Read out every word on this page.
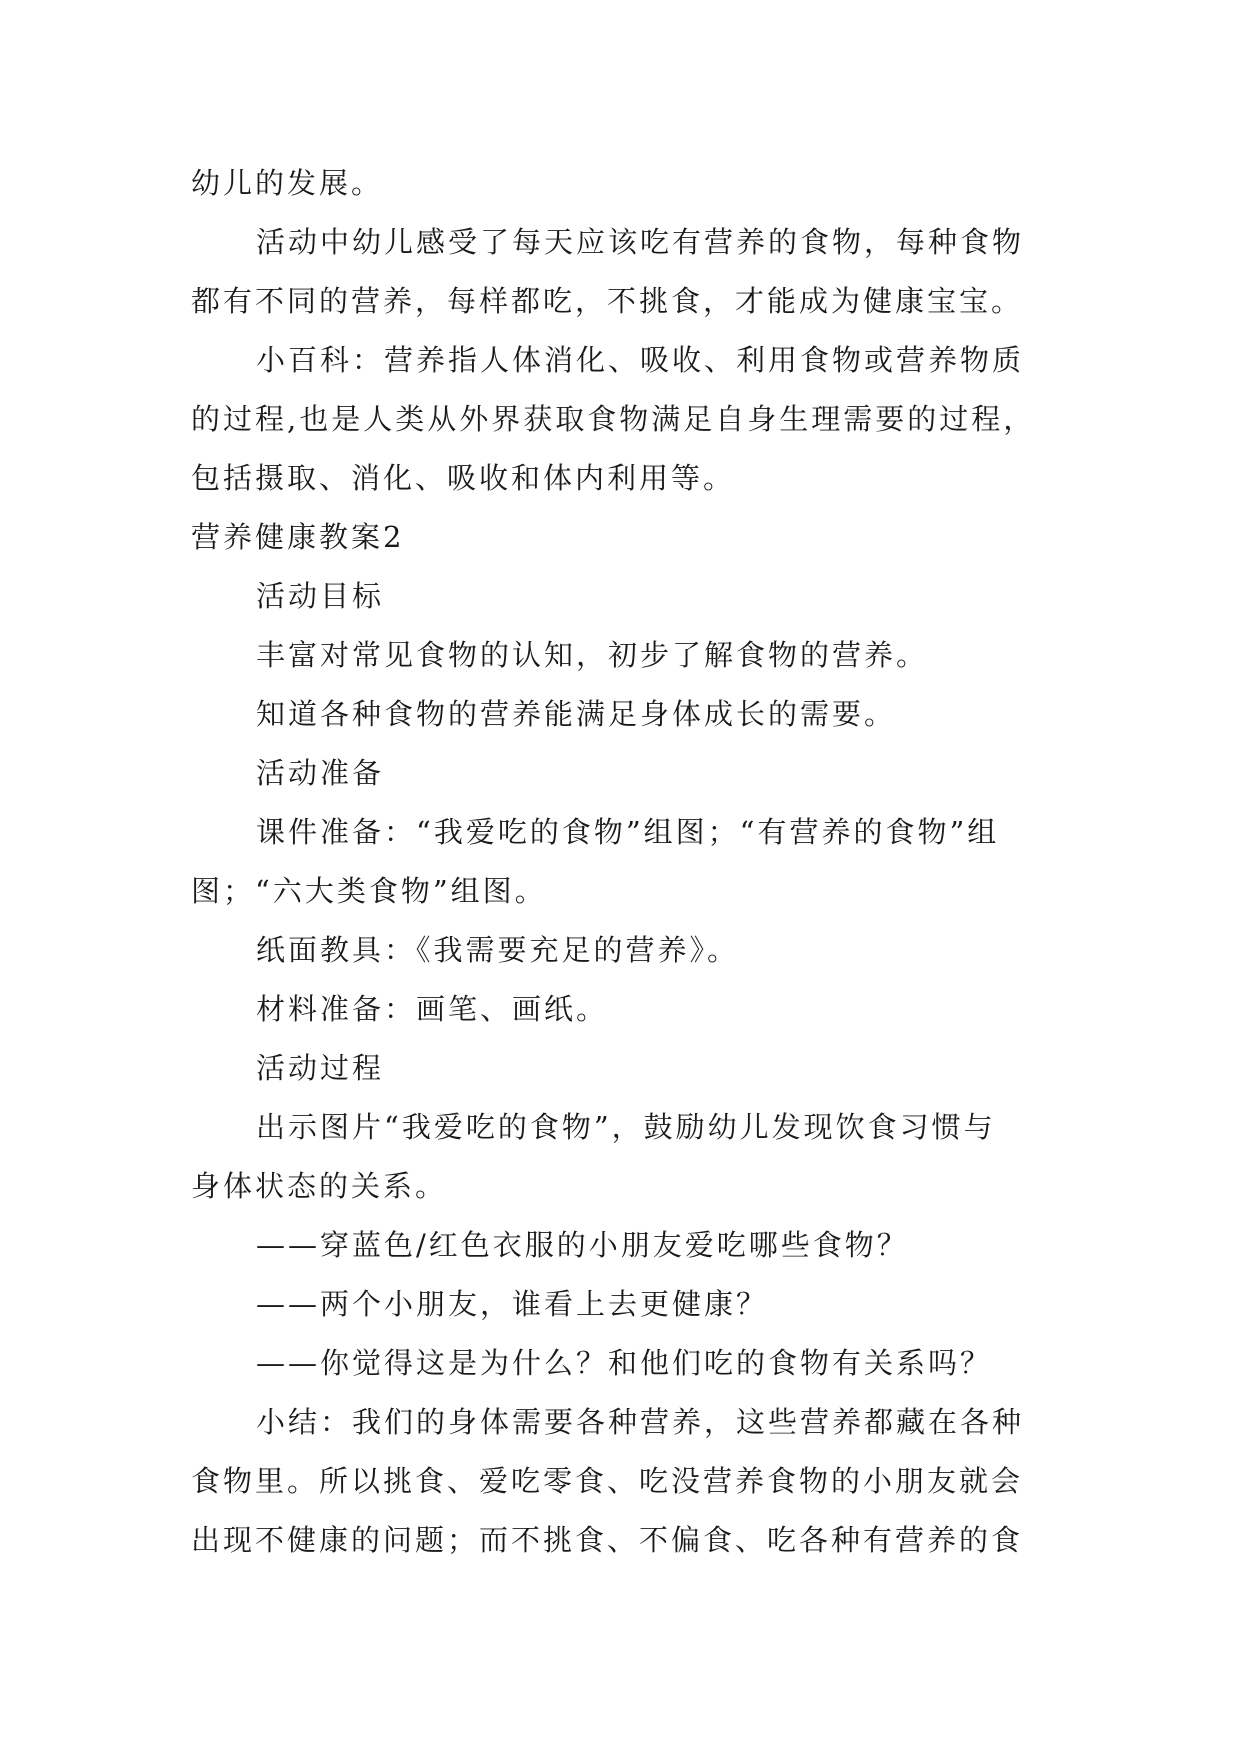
幼儿的发展。
活动中幼儿感受了每天应该吃有营养的食物，每种食物
都有不同的营养，每样都吃，不挑食，才能成为健康宝宝。
小百科：营养指人体消化、吸收、利用食物或营养物质
的过程,也是人类从外界获取食物满足自身生理需要的过程，
包括摄取、消化、吸收和体内利用等。
营养健康教案2
活动目标
丰富对常见食物的认知，初步了解食物的营养。
知道各种食物的营养能满足身体成长的需要。
活动准备
课件准备：“我爱吃的食物”组图；“有营养的食物”组
图；“六大类食物”组图。
纸面教具：《我需要充足的营养》。
材料准备：画笔、画纸。
活动过程
出示图片“我爱吃的食物”，鼓励幼儿发现饮食习惯与
身体状态的关系。
——穿蓝色/红色衣服的小朋友爱吃哪些食物？
——两个小朋友，谁看上去更健康？
——你觉得这是为什么？和他们吃的食物有关系吗？
小结：我们的身体需要各种营养，这些营养都藏在各种
食物里。所以挑食、爱吃零食、吃没营养食物的小朋友就会
出现不健康的问题；而不挑食、不偏食、吃各种有营养的食
